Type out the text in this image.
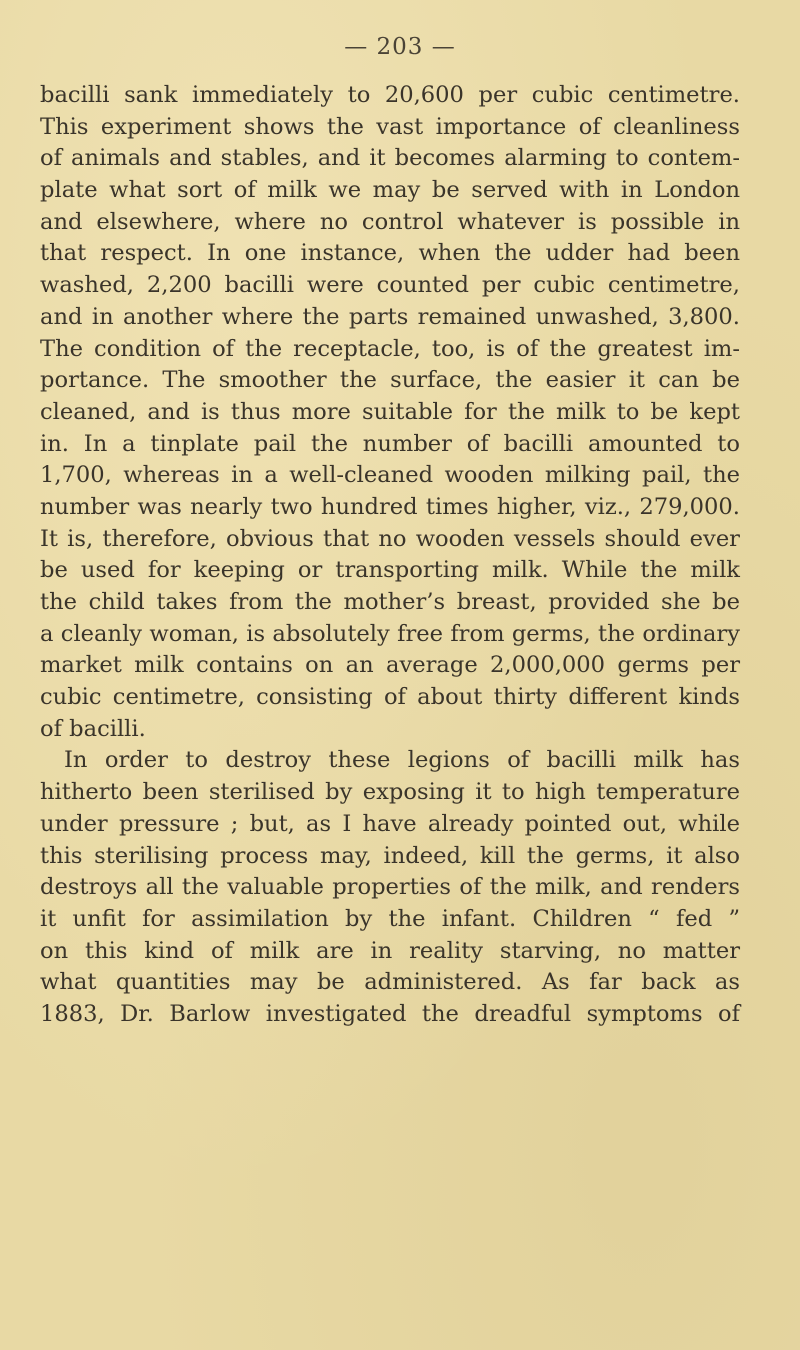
— 203 —
bacilli sank immediately to 20,600 per cubic centimetre.
This experiment shows the vast importance of cleanliness
of animals and stables, and it becomes alarming to contem-
plate what sort of milk we may be served with in London
and elsewhere, where no control whatever is possible in
that respect. In one instance, when the udder had been
washed, 2,200 bacilli were counted per cubic centimetre,
and in another where the parts remained unwashed, 3,800.
The condition of the receptacle, too, is of the greatest im-
portance. The smoother the surface, the easier it can be
cleaned, and is thus more suitable for the milk to be kept
in. In a tinplate pail the number of bacilli amounted to
1,700, whereas in a well-cleaned wooden milking pail, the
number was nearly two hundred times higher, viz., 279,000.
It is, therefore, obvious that no wooden vessels should ever
be used for keeping or transporting milk. While the milk
the child takes from the mother’s breast, provided she be
a cleanly woman, is absolutely free from germs, the ordinary
market milk contains on an average 2,000,000 germs per
cubic centimetre, consisting of about thirty different kinds
of bacilli.
In order to destroy these legions of bacilli milk has
hitherto been sterilised by exposing it to high temperature
under pressure ; but, as I have already pointed out, while
this sterilising process may, indeed, kill the germs, it also
destroys all the valuable properties of the milk, and renders
it unfit for assimilation by the infant. Children “ fed ”
on this kind of milk are in reality starving, no matter
what quantities may be administered. As far back as
1883, Dr. Barlow investigated the dreadful symptoms of
